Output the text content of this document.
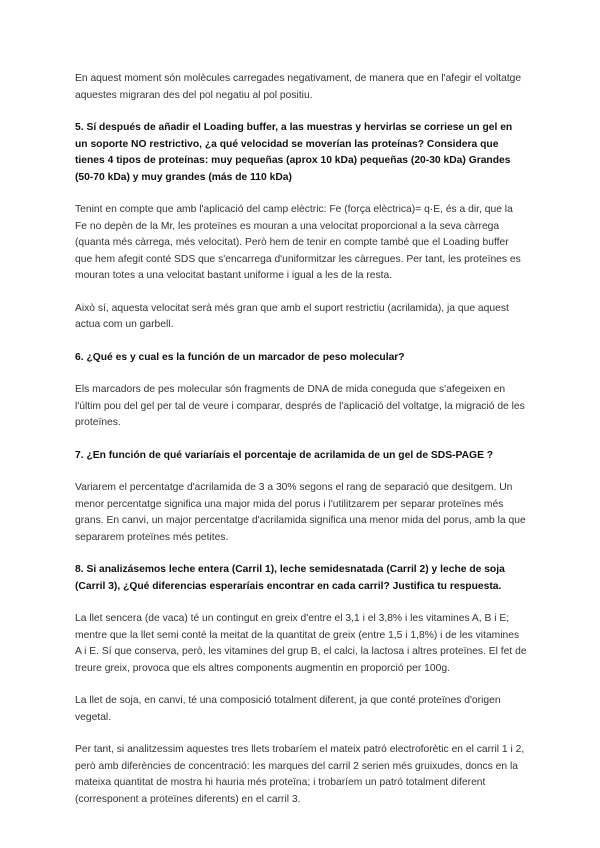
En aquest moment són molècules carregades negativament, de manera que en l'afegir el voltatge aquestes migraran des del pol negatiu al pol positiu.

5. Sí después de añadir el Loading buffer, a las muestras y hervirlas se corriese un gel en un soporte NO restrictivo, ¿a qué velocidad se moverían las proteínas? Considera que tienes 4 tipos de proteínas: muy pequeñas (aprox 10 kDa) pequeñas (20-30 kDa) Grandes (50-70 kDa) y muy grandes (más de 110 kDa)

Tenint en compte que amb l'aplicació del camp elèctric: Fe (força elèctrica)= q·E, és a dir, que la Fe no depèn de la Mr, les proteïnes es mouran a una velocitat proporcional a la seva càrrega (quanta més càrrega, més velocitat). Però hem de tenir en compte també que el Loading buffer que hem afegit conté SDS que s'encarrega d'uniformitzar les càrregues. Per tant, les proteïnes es mouran totes a una velocitat bastant uniforme i igual a les de la resta.

Això sí, aquesta velocitat serà més gran que amb el suport restrictiu (acrilamida), ja que aquest actua com un garbell.

6. ¿Qué es y cual es la función de un marcador de peso molecular?

Els marcadors de pes molecular són fragments de DNA de mida coneguda que s'afegeixen en l'últim pou del gel per tal de veure i comparar, després de l'aplicació del voltatge, la migració de les proteïnes.

7. ¿En función de qué variaríais el porcentaje de acrilamida de un gel de SDS-PAGE ?

Variarem el percentatge d'acrilamida de 3 a 30% segons el rang de separació que desitgem. Un menor percentatge significa una major mida del porus i l'utilitzarem per separar proteïnes més grans. En canvi, un major percentatge d'acrilamida significa una menor mida del porus, amb la que separarem proteïnes més petites.

8. Si analizásemos leche entera (Carril 1), leche semidesnatada (Carril 2) y leche de soja (Carril 3), ¿Qué diferencias esperaríais encontrar en cada carril? Justifica tu respuesta.

La llet sencera (de vaca) té un contingut en greix d'entre el 3,1 i el 3,8% i les vitamines A, B i E; mentre que la llet semi conté la meitat de la quantitat de greix (entre 1,5 i 1,8%) i de les vitamines A i E. Sí que conserva, però, les vitamines del grup B, el calci, la lactosa i altres proteïnes. El fet de treure greix, provoca que els altres components augmentin en proporció per 100g.

La llet de soja, en canvi, té una composició totalment diferent, ja que conté proteïnes d'origen vegetal.

Per tant, si analitzessim aquestes tres llets trobaríem el mateix patró electroforètic en el carril 1 i 2, però amb diferències de concentració: les marques del carril 2 serien més gruixudes, doncs en la mateixa quantitat de mostra hi hauria més proteïna; i trobaríem un patró totalment diferent (corresponent a proteïnes diferents) en el carril 3.
